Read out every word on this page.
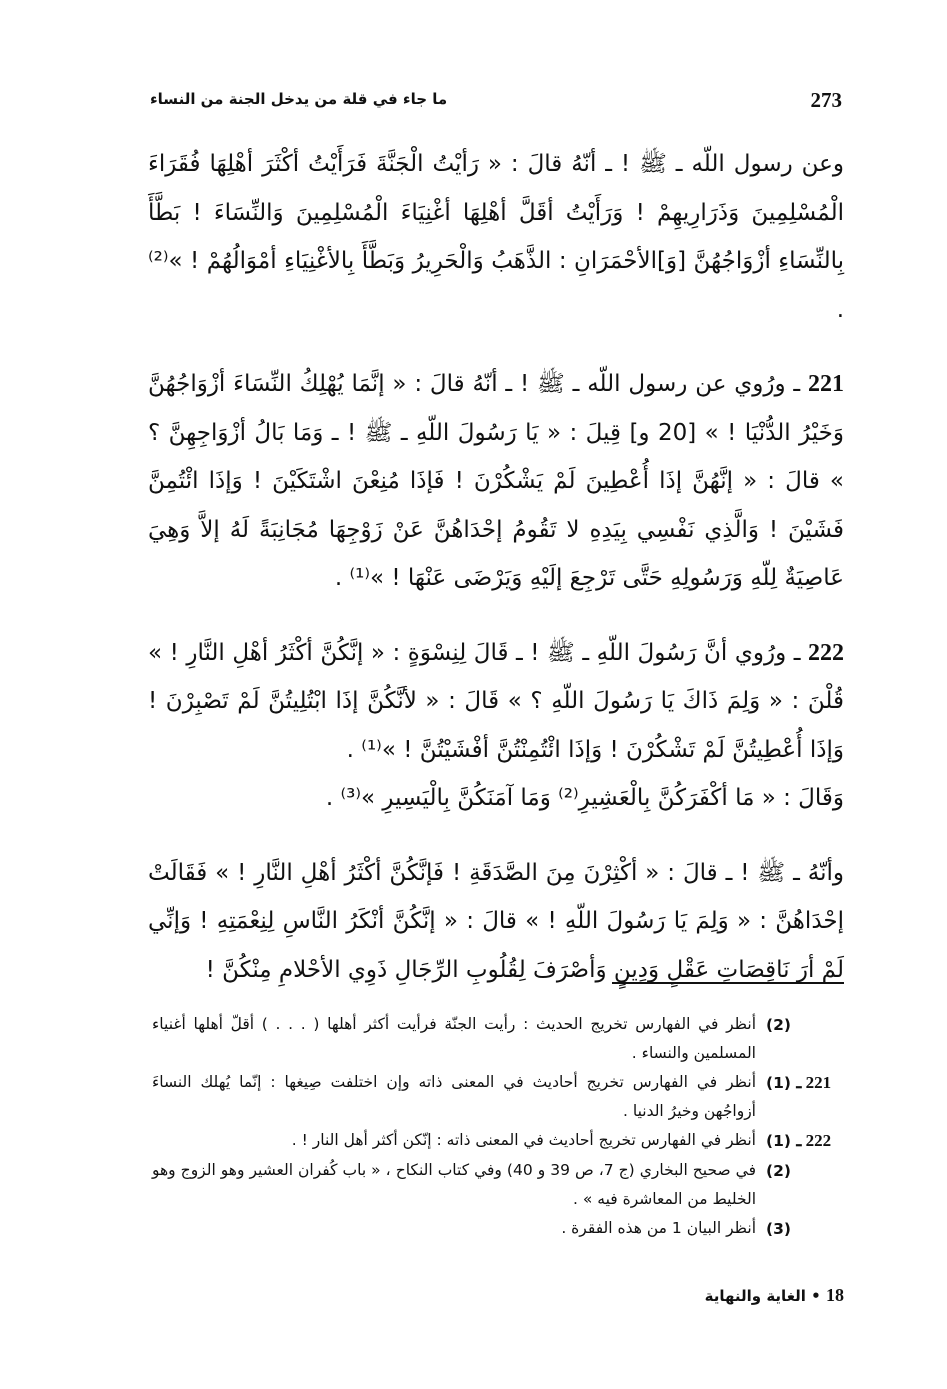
273
ما جاء في قلة من يدخل الجنة من النساء

وعن رسول اللّه ـ ﷺ ! ـ أنّهُ قالَ : « رَأيْتُ الْجَنَّةَ فَرَأَيْتُ أكْثَرَ أهْلِهَا فُقَرَاءَ الْمُسْلِمِينَ وَذَرَارِيهِمْ ! وَرَأَيْتُ أقَلَّ أهْلِهَا أغْنِيَاءَ الْمُسْلِمِينَ وَالنِّسَاءَ ! بَطَّأَ بِالنِّسَاءِ أزْوَاجُهُنَّ [وَ]الأحْمَرَانِ : الذَّهَبُ وَالْحَرِيرُ وَبَطَّأَ بِالأغْنِيَاءِ أمْوَالُهُمْ ! »⁽²⁾ .

221 ـ ورُوي عن رسول اللّه ـ ﷺ ! ـ أنّهُ قالَ : « إنَّمَا يُهْلِكُ النِّسَاءَ أزْوَاجُهُنَّ وَخَيْرُ الدُّنْيَا ! » [20 و] قِيلَ : « يَا رَسُولَ اللّهِ ـ ﷺ ! ـ وَمَا بَالُ أزْوَاجِهِنَّ ؟ » قالَ : « إنَّهُنَّ إذَا أُعْطِينَ لَمْ يَشْكُرْنَ ! فَإذَا مُنِعْنَ اشْتَكَيْنَ ! وَإذَا ائْتُمِنَّ فَشَيْنَ ! وَالَّذِي نَفْسِي بِيَدِهِ لا تَقُومُ إحْدَاهُنَّ عَنْ زَوْجِهَا مُجَانِبَةً لَهُ إلاَّ وَهِيَ عَاصِيَةٌ لِلّهِ وَرَسُولِهِ حَتَّى تَرْجِعَ إلَيْهِ وَيَرْضَى عَنْهَا ! »⁽¹⁾ .

222 ـ ورُوي أنَّ رَسُولَ اللّهِ ـ ﷺ ! ـ قَالَ لِنِسْوَةٍ : « إنَّكُنَّ أكْثَرُ أهْلِ النَّارِ ! » قُلْنَ : « وَلِمَ ذَاكَ يَا رَسُولَ اللّهِ ؟ » قَالَ : « لأنَّكُنَّ إذَا ابْتُلِيتُنَّ لَمْ تَصْبِرْنَ ! وَإذَا أُعْطِيتُنَّ لَمْ تَشْكُرْنَ ! وَإذَا ائْتُمِنْتُنَّ أفْشَيْتُنَّ ! »⁽¹⁾ .

وَقَالَ : « مَا أكْفَرَكُنَّ بِالْعَشِيرِ⁽²⁾ وَمَا آمَنَكُنَّ بِالْيَسِيرِ »⁽³⁾ .

وأنّهُ ـ ﷺ ! ـ قالَ : « أكْثِرْنَ مِنَ الصَّدَقَةِ ! فَإنَّكُنَّ أكْثَرُ أهْلِ النَّارِ ! » فَقَالَتْ إحْدَاهُنَّ : « وَلِمَ يَا رَسُولَ اللّهِ ! » قالَ : « إنَّكُنَّ أنْكَرُ النَّاسِ لِنِعْمَتِهِ ! وَإنِّي لَمْ أرَ نَاقِصَاتِ عَقْلٍ وَدِينٍ وَأصْرَفَ لِقُلُوبِ الرِّجَالِ ذَوِي الأحْلامِ مِنْكُنَّ !

(2)
أنظر في الفهارس تخريج الحديث : رأيت الجنّة فرأيت أكثر أهلها ( . . . ) أقلّ أهلها أغنياء المسلمين والنساء .
221 ـ (1)
أنظر في الفهارس تخريج أحاديث في المعنى ذاته وإن اختلفت صِيغها : إنّما يُهلك النساءَ أزواجُهن وخيرُ الدنيا .
222 ـ (1)
أنظر في الفهارس تخريج أحاديث في المعنى ذاته : إنّكن أكثر أهل النار ! .
(2)
في صحيح البخاري (ج 7، ص 39 و 40) وفي كتاب النكاح ، « باب كُفران العشير وهو الزوج وهو الخليط من المعاشرة فيه » .
(3)
أنظر البيان 1 من هذه الفقرة .
18 • الغاية والنهاية
